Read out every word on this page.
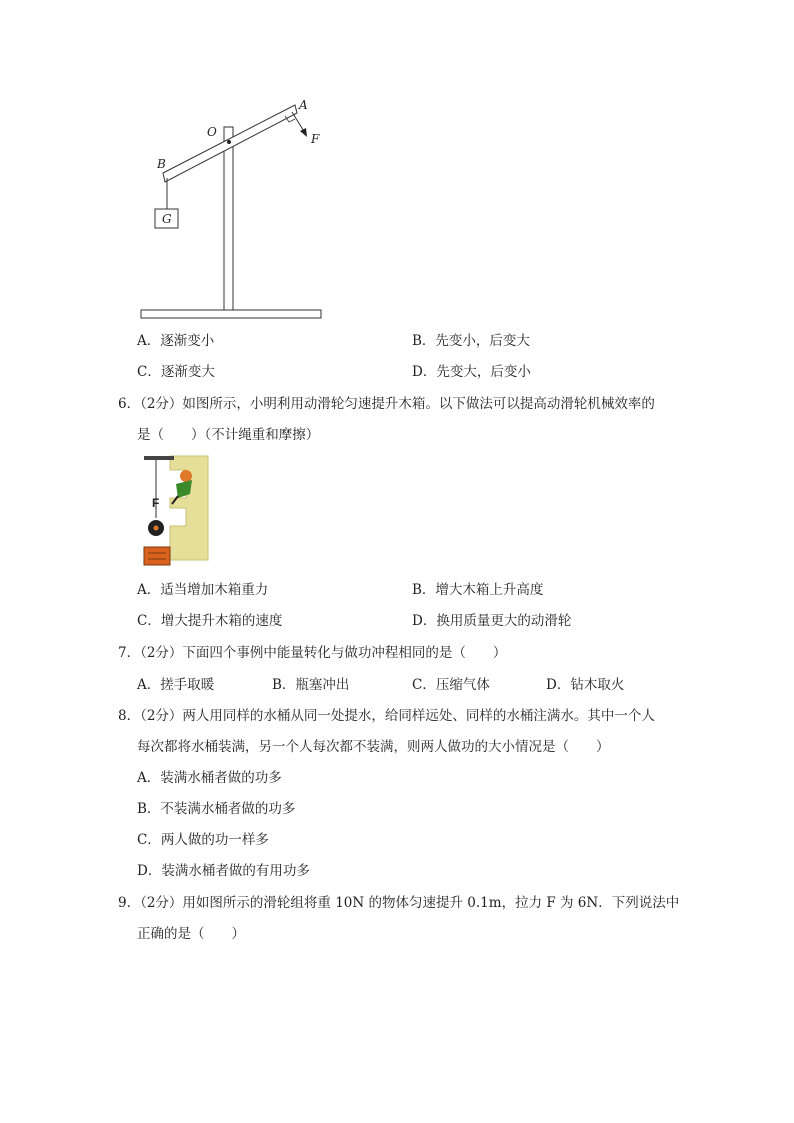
A
O
B
F
G
A．逐渐变小	B．先变小，后变大
C．逐渐变大	D．先变大，后变小
6．（2分）如图所示，小明利用动滑轮匀速提升木箱。以下做法可以提高动滑轮机械效率的
是（　　）（不计绳重和摩擦）
F
A．适当增加木箱重力	B．增大木箱上升高度
C．增大提升木箱的速度	D．换用质量更大的动滑轮
7．（2分）下面四个事例中能量转化与做功冲程相同的是（　　）
A．搓手取暖	B．瓶塞冲出	C．压缩气体	D．钻木取火
8．（2分）两人用同样的水桶从同一处提水，给同样远处、同样的水桶注满水。其中一个人
每次都将水桶装满，另一个人每次都不装满，则两人做功的大小情况是（　　）
A．装满水桶者做的功多
B．不装满水桶者做的功多
C．两人做的功一样多
D．装满水桶者做的有用功多
9．（2分）用如图所示的滑轮组将重 10N 的物体匀速提升 0.1m，拉力 F 为 6N．下列说法中
正确的是（　　）
